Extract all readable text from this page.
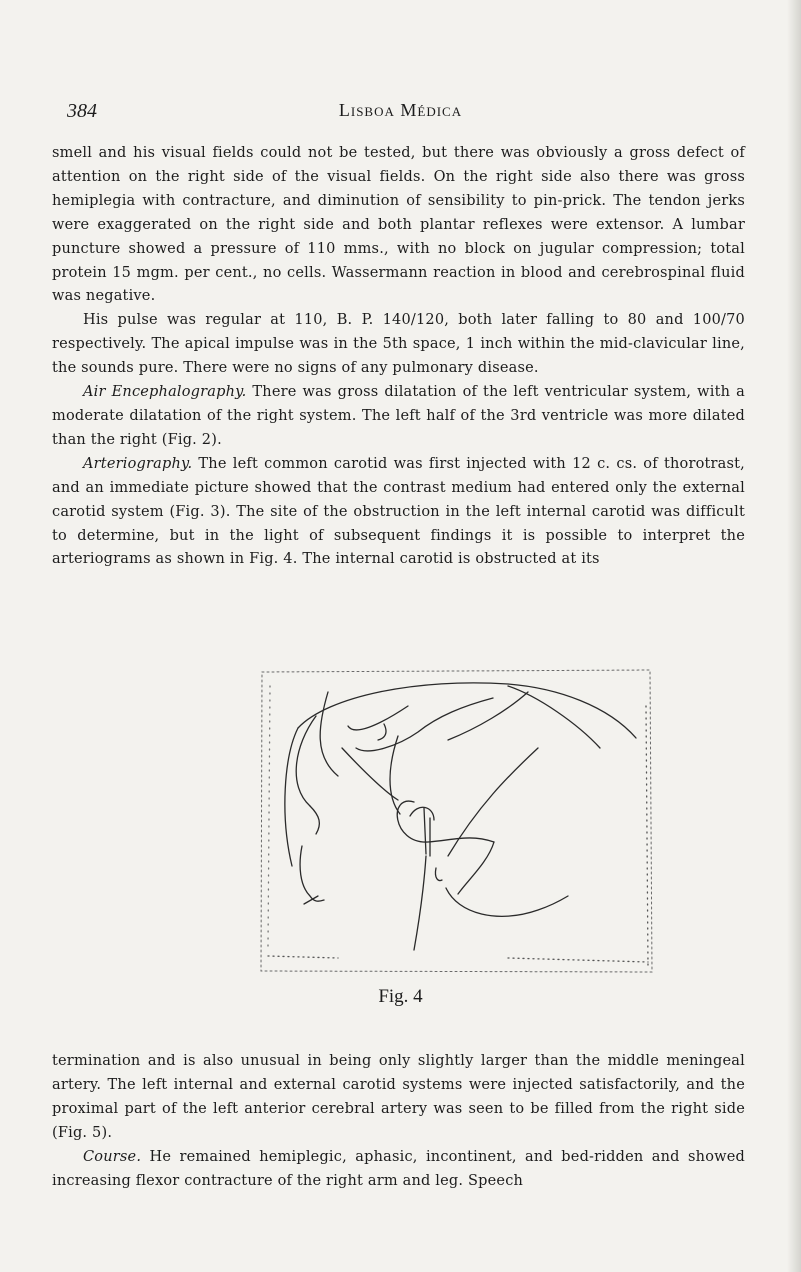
384	Lisboa Médica

smell and his visual fields could not be tested, but there was obviously a gross defect of attention on the right side of the visual fields. On the right side also there was gross hemiplegia with contracture, and diminution of sensibility to pin-prick. The tendon jerks were exaggerated on the right side and both plantar reflexes were extensor. A lumbar puncture showed a pressure of 110 mms., with no block on jugular compression; total protein 15 mgm. per cent., no cells. Wassermann reaction in blood and cerebrospinal fluid was negative.

His pulse was regular at 110, B. P. 140/120, both later falling to 80 and 100/70 respectively. The apical impulse was in the 5th space, 1 inch within the mid-clavicular line, the sounds pure. There were no signs of any pulmonary disease.

Air Encephalography. There was gross dilatation of the left ventricular system, with a moderate dilatation of the right system. The left half of the 3rd ventricle was more dilated than the right (Fig. 2).

Arteriography. The left common carotid was first injected with 12 c. cs. of thorotrast, and an immediate picture showed that the contrast medium had entered only the external carotid system (Fig. 3). The site of the obstruction in the left internal carotid was difficult to determine, but in the light of subsequent findings it is possible to interpret the arteriograms as shown in Fig. 4. The internal carotid is obstructed at its

Fig. 4

termination and is also unusual in being only slightly larger than the middle meningeal artery. The left internal and external carotid systems were injected satisfactorily, and the proximal part of the left anterior cerebral artery was seen to be filled from the right side (Fig. 5).

Course. He remained hemiplegic, aphasic, incontinent, and bed-ridden and showed increasing flexor contracture of the right arm and leg. Speech
